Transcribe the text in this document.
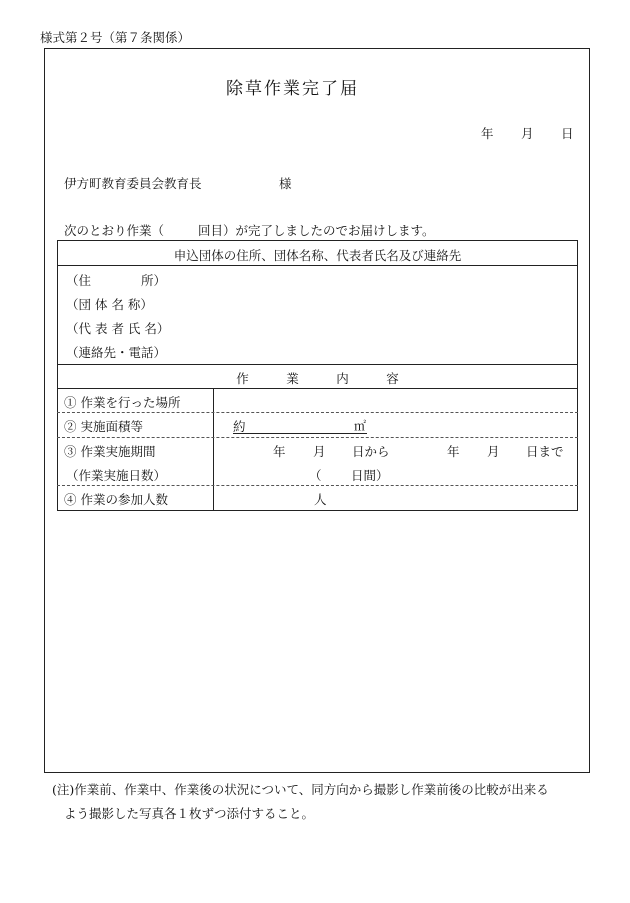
様式第２号（第７条関係）
除草作業完了届
年 月 日
伊方町教育委員会教育長	様
次のとおり作業（	回目）が完了しましたのでお届けします。
申込団体の住所、団体名称、代表者氏名及び連絡先
（住　　　　所）
（団 体 名 称）
（代 表 者 氏 名）
（連絡先・電話）
作　　　業　　　内　　　容
① 作業を行った場所
② 実施面積等	約	㎡
③ 作業実施期間	年 月 日から	年 月 日まで
（作業実施日数）	（ 日間）
④ 作業の参加人数	人
(注)作業前、作業中、作業後の状況について、同方向から撮影し作業前後の比較が出来る
よう撮影した写真各１枚ずつ添付すること。
